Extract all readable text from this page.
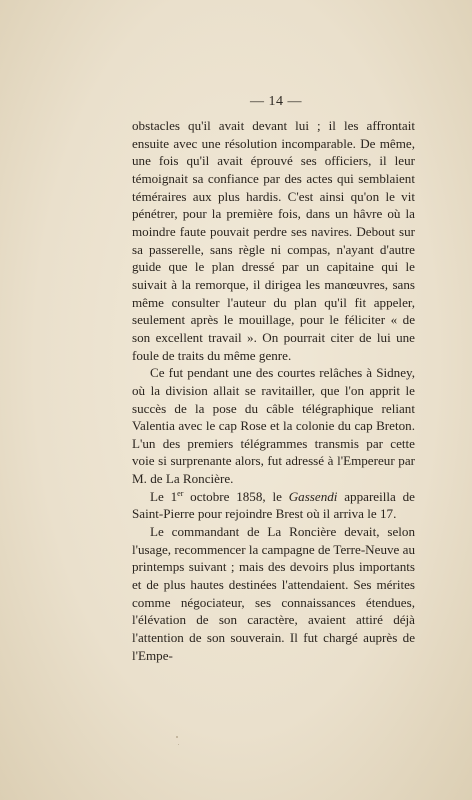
— 14 —

obstacles qu'il avait devant lui ; il les affrontait ensuite avec une résolution incomparable. De même, une fois qu'il avait éprouvé ses officiers, il leur témoignait sa confiance par des actes qui semblaient téméraires aux plus hardis. C'est ainsi qu'on le vit pénétrer, pour la première fois, dans un hâvre où la moindre faute pouvait perdre ses navires. Debout sur sa passerelle, sans règle ni compas, n'ayant d'autre guide que le plan dressé par un capitaine qui le suivait à la remorque, il dirigea les manœuvres, sans même consulter l'auteur du plan qu'il fit appeler, seulement après le mouillage, pour le féliciter « de son excellent travail ». On pourrait citer de lui une foule de traits du même genre.

Ce fut pendant une des courtes relâches à Sidney, où la division allait se ravitailler, que l'on apprit le succès de la pose du câble télégraphique reliant Valentia avec le cap Rose et la colonie du cap Breton. L'un des premiers télégrammes transmis par cette voie si surprenante alors, fut adressé à l'Empereur par M. de La Roncière.

Le 1er octobre 1858, le Gassendi appareilla de Saint-Pierre pour rejoindre Brest où il arriva le 17.

Le commandant de La Roncière devait, selon l'usage, recommencer la campagne de Terre-Neuve au printemps suivant ; mais des devoirs plus importants et de plus hautes destinées l'attendaient. Ses mérites comme négociateur, ses connaissances étendues, l'élévation de son caractère, avaient attiré déjà l'attention de son souverain. Il fut chargé auprès de l'Empe-
